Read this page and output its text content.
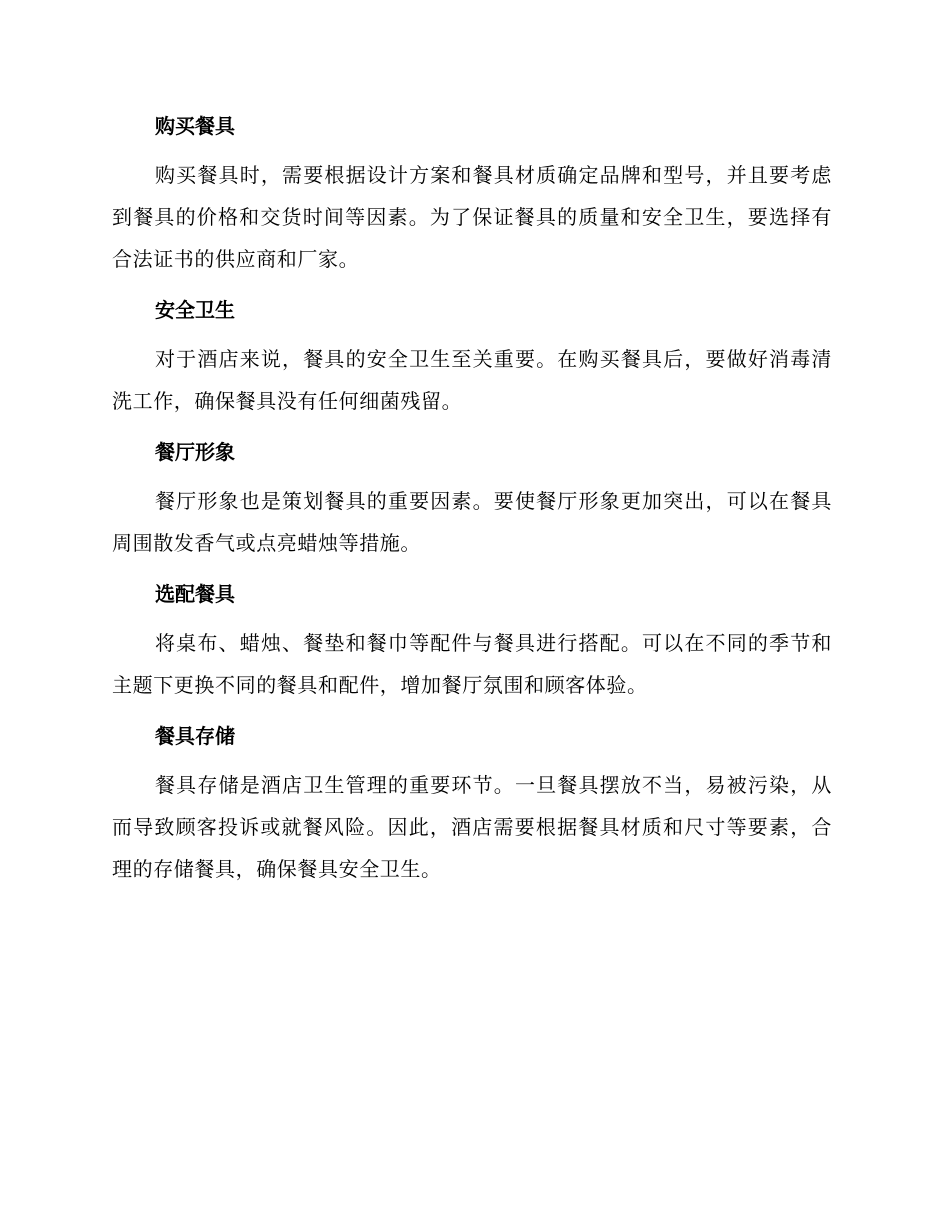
购买餐具

购买餐具时，需要根据设计方案和餐具材质确定品牌和型号，并且要考虑到餐具的价格和交货时间等因素。为了保证餐具的质量和安全卫生，要选择有合法证书的供应商和厂家。

安全卫生

对于酒店来说，餐具的安全卫生至关重要。在购买餐具后，要做好消毒清洗工作，确保餐具没有任何细菌残留。

餐厅形象

餐厅形象也是策划餐具的重要因素。要使餐厅形象更加突出，可以在餐具周围散发香气或点亮蜡烛等措施。

选配餐具

将桌布、蜡烛、餐垫和餐巾等配件与餐具进行搭配。可以在不同的季节和主题下更换不同的餐具和配件，增加餐厅氛围和顾客体验。

餐具存储

餐具存储是酒店卫生管理的重要环节。一旦餐具摆放不当，易被污染，从而导致顾客投诉或就餐风险。因此，酒店需要根据餐具材质和尺寸等要素，合理的存储餐具，确保餐具安全卫生。
